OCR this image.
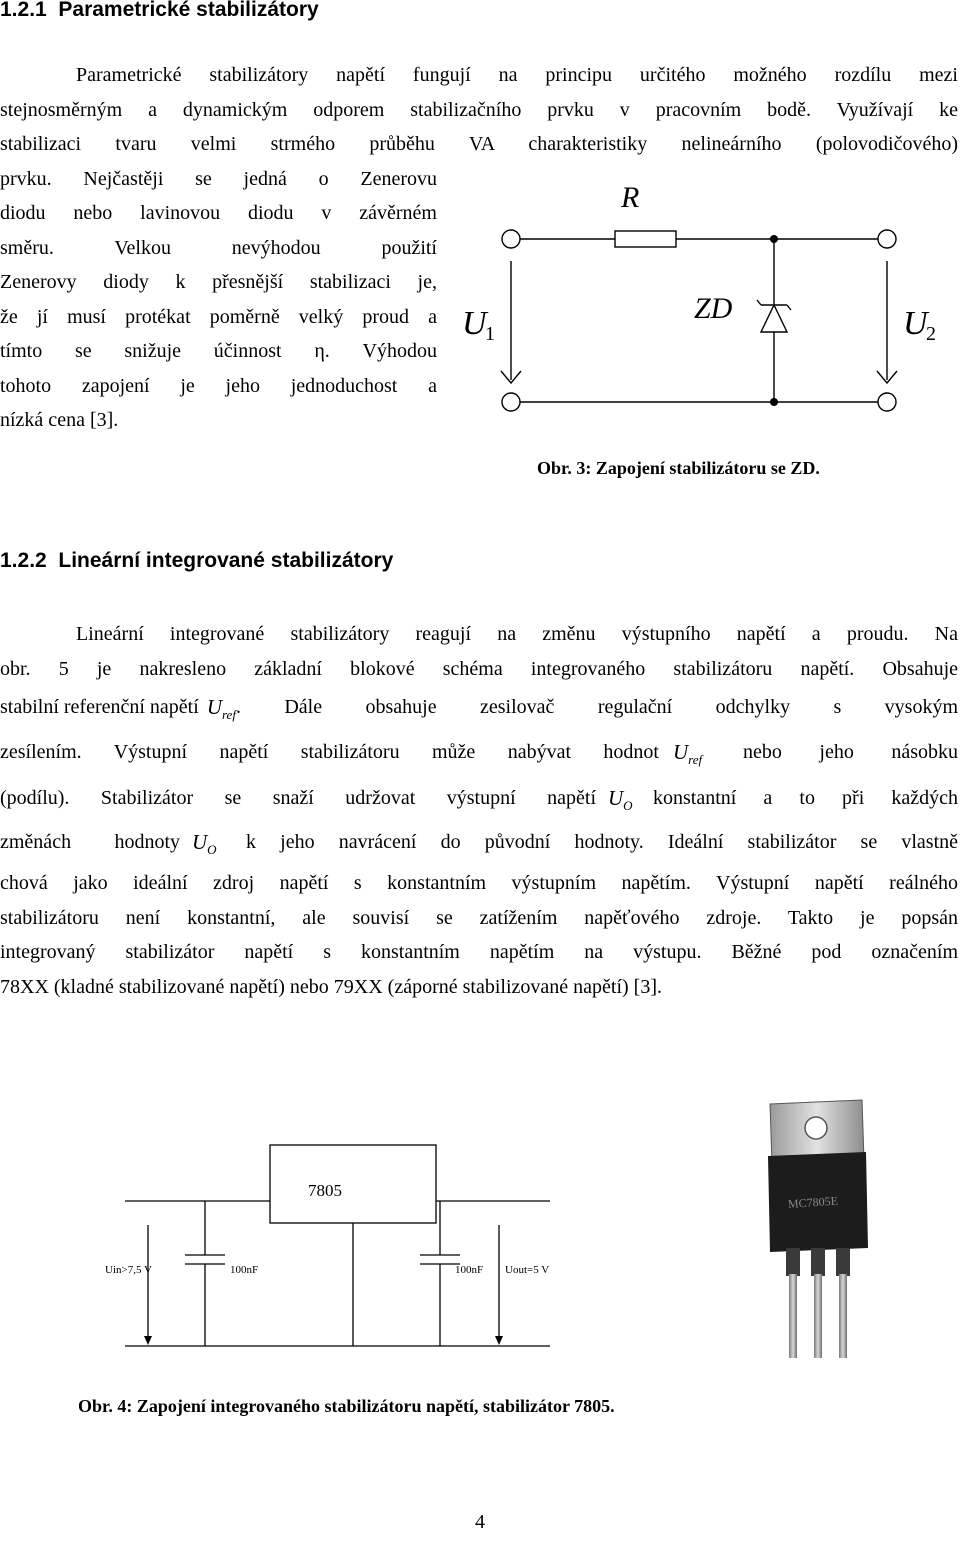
1.2.1 Parametrické stabilizátory
Parametrické stabilizátory napětí fungují na principu určitého možného rozdílu mezi
stejnosměrným a dynamickým odporem stabilizačního prvku v pracovním bodě. Využívají ke
stabilizaci tvaru velmi strmého průběhu VA charakteristiky nelineárního (polovodičového)
prvku. Nejčastěji se jedná o Zenerovu
diodu nebo lavinovou diodu v závěrném
směru. Velkou nevýhodou použití
Zenerovy diody k přesnější stabilizaci je,
že jí musí protékat poměrně velký proud a
tímto se snižuje účinnost η. Výhodou
tohoto zapojení je jeho jednoduchost a
nízká cena [3].
R
ZD
U
1	U
2
Obr. 3: Zapojení stabilizátoru se ZD.
1.2.2 Lineární integrované stabilizátory
Lineární integrované stabilizátory reagují na změnu výstupního napětí a proudu. Na
obr. 5 je nakresleno základní blokové schéma integrovaného stabilizátoru napětí. Obsahuje
stabilní referenční napětí $U_{ref}$ . Dále obsahuje zesilovač regulační odchylky s vysokým
zesílením. Výstupní napětí stabilizátoru může nabývat hodnot $U_{ref}$	nebo jeho násobku
(podílu). Stabilizátor se snaží udržovat výstupní napětí $U_O$	konstantní a to při každých
změnách hodnoty $U_O$	k jeho navrácení do původní hodnoty. Ideální stabilizátor se vlastně
chová jako ideální zdroj napětí s konstantním výstupním napětím. Výstupní napětí reálného
stabilizátoru není konstantní, ale souvisí se zatížením napěťového zdroje. Takto je popsán
integrovaný stabilizátor napětí s konstantním napětím na výstupu. Běžné pod označením
78XX (kladné stabilizované napětí) nebo 79XX (záporné stabilizované napětí) [3].
7805
Uin>7,5 V	100nF	100nF Uout=5 V
MC7805E
Obr. 4: Zapojení integrovaného stabilizátoru napětí, stabilizátor 7805.
4
